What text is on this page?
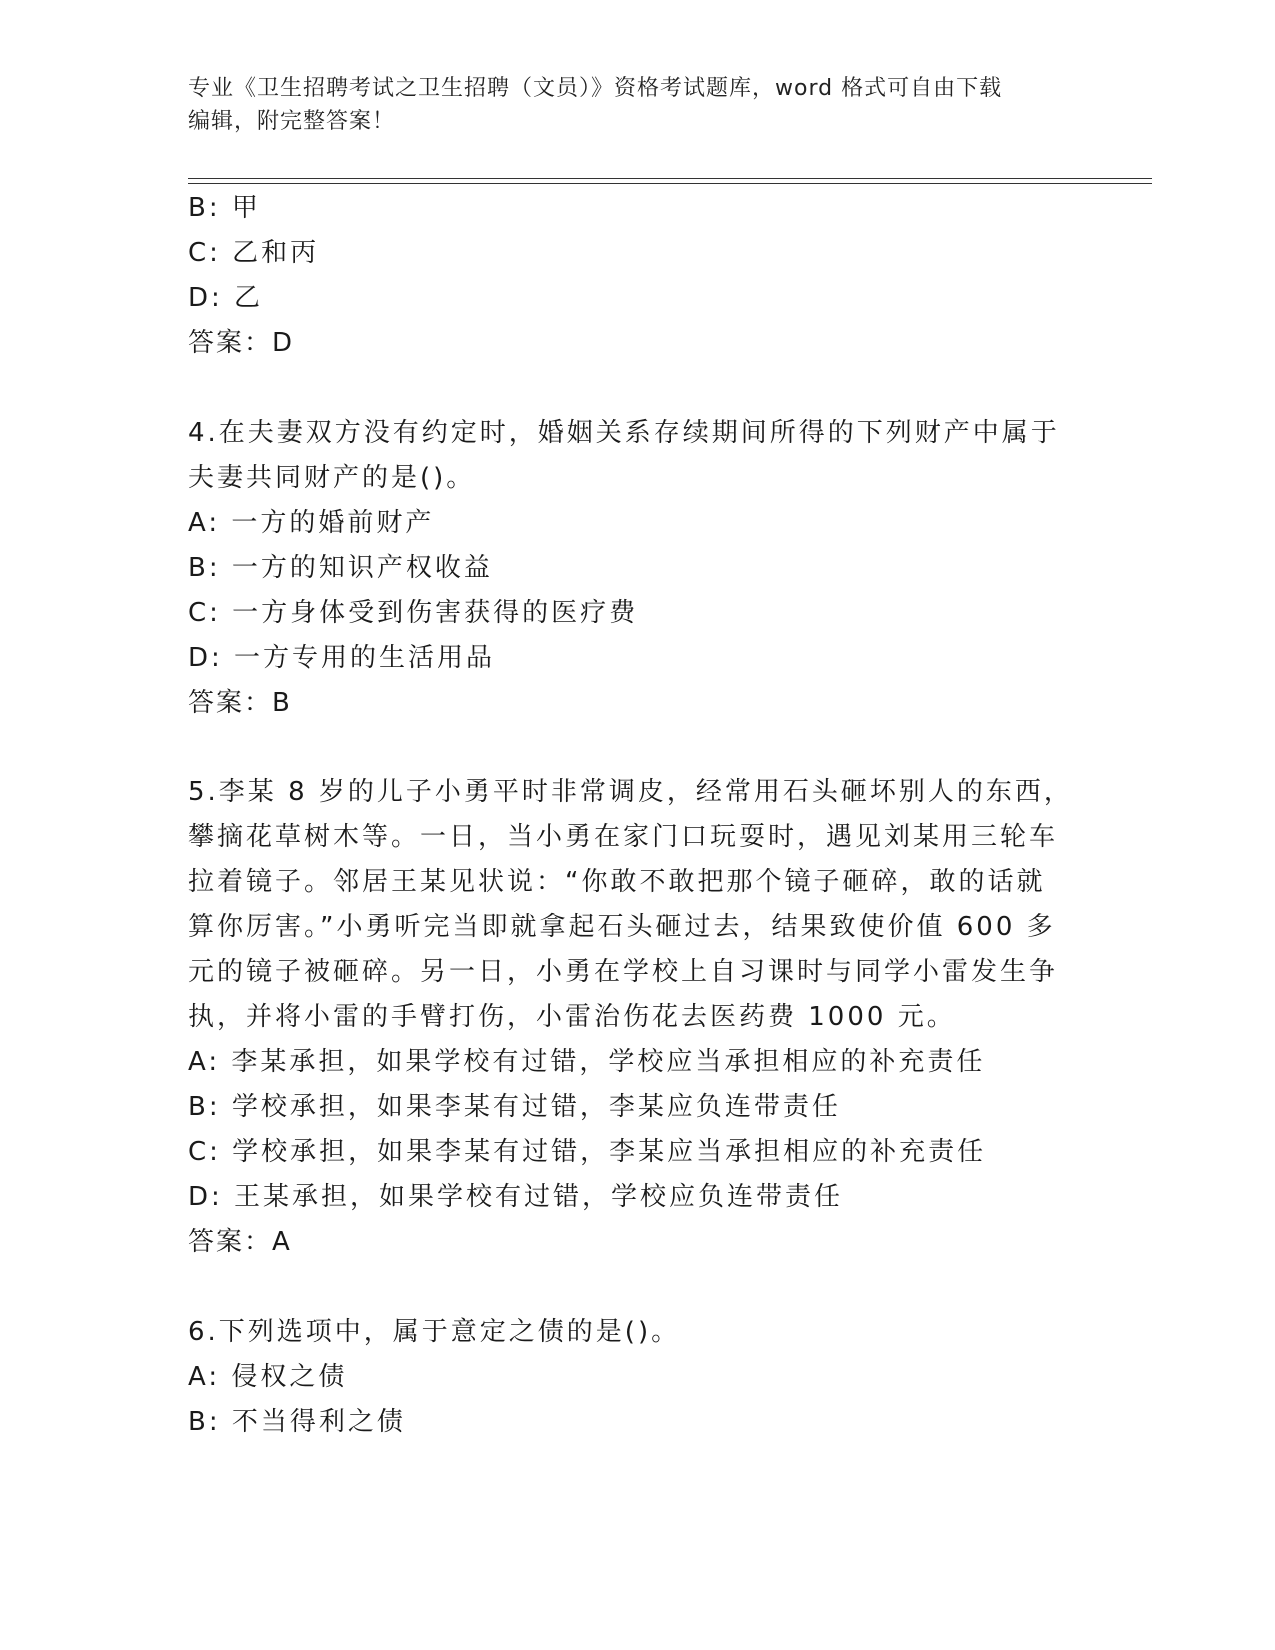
专业《卫生招聘考试之卫生招聘（文员）》资格考试题库，word 格式可自由下载
编辑，附完整答案！
B: 甲
C: 乙和丙
D: 乙
答案：D
4.在夫妻双方没有约定时，婚姻关系存续期间所得的下列财产中属于
夫妻共同财产的是()。
A: 一方的婚前财产
B: 一方的知识产权收益
C: 一方身体受到伤害获得的医疗费
D: 一方专用的生活用品
答案：B
5.李某 8 岁的儿子小勇平时非常调皮，经常用石头砸坏别人的东西，
攀摘花草树木等。一日，当小勇在家门口玩耍时，遇见刘某用三轮车
拉着镜子。邻居王某见状说：“你敢不敢把那个镜子砸碎，敢的话就
算你厉害。”小勇听完当即就拿起石头砸过去，结果致使价值 600 多
元的镜子被砸碎。另一日，小勇在学校上自习课时与同学小雷发生争
执，并将小雷的手臂打伤，小雷治伤花去医药费 1000 元。
A: 李某承担，如果学校有过错，学校应当承担相应的补充责任
B: 学校承担，如果李某有过错，李某应负连带责任
C: 学校承担，如果李某有过错，李某应当承担相应的补充责任
D: 王某承担，如果学校有过错，学校应负连带责任
答案：A
6.下列选项中，属于意定之债的是()。
A: 侵权之债
B: 不当得利之债
